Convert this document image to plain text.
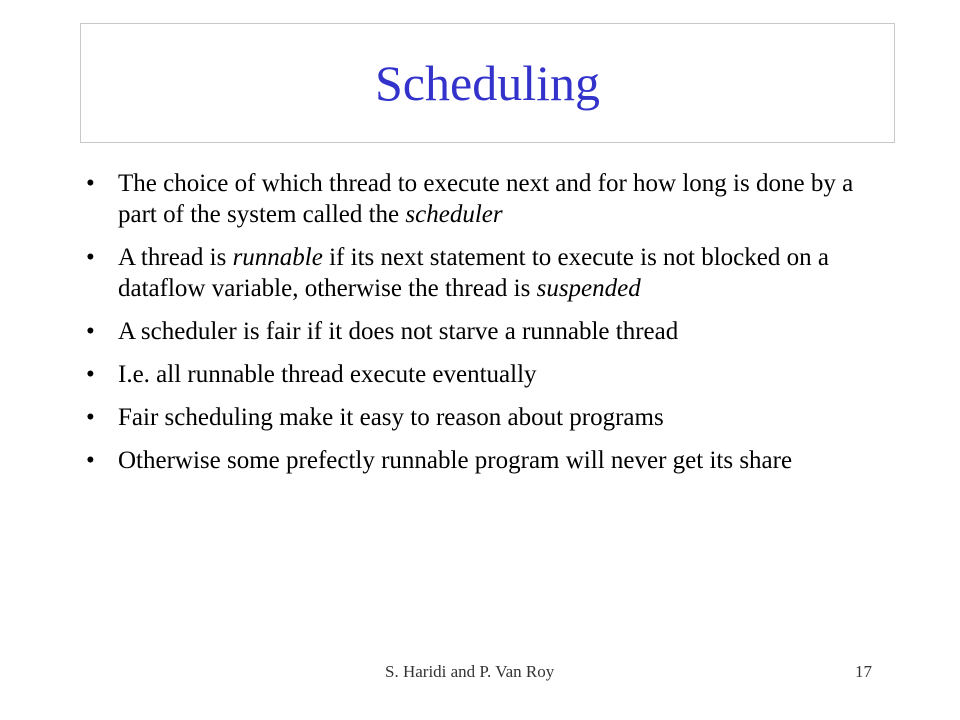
Scheduling
• The choice of which thread to execute next and for how long is done by a part of the system called the scheduler
• A thread is runnable if its next statement to execute is not blocked on a dataflow variable, otherwise the thread is suspended
• A scheduler is fair if it does not starve a runnable thread
• I.e. all runnable thread execute eventually
• Fair scheduling make it easy to reason about programs
• Otherwise some prefectly runnable program will never get its share
S. Haridi and P. Van Roy	17
